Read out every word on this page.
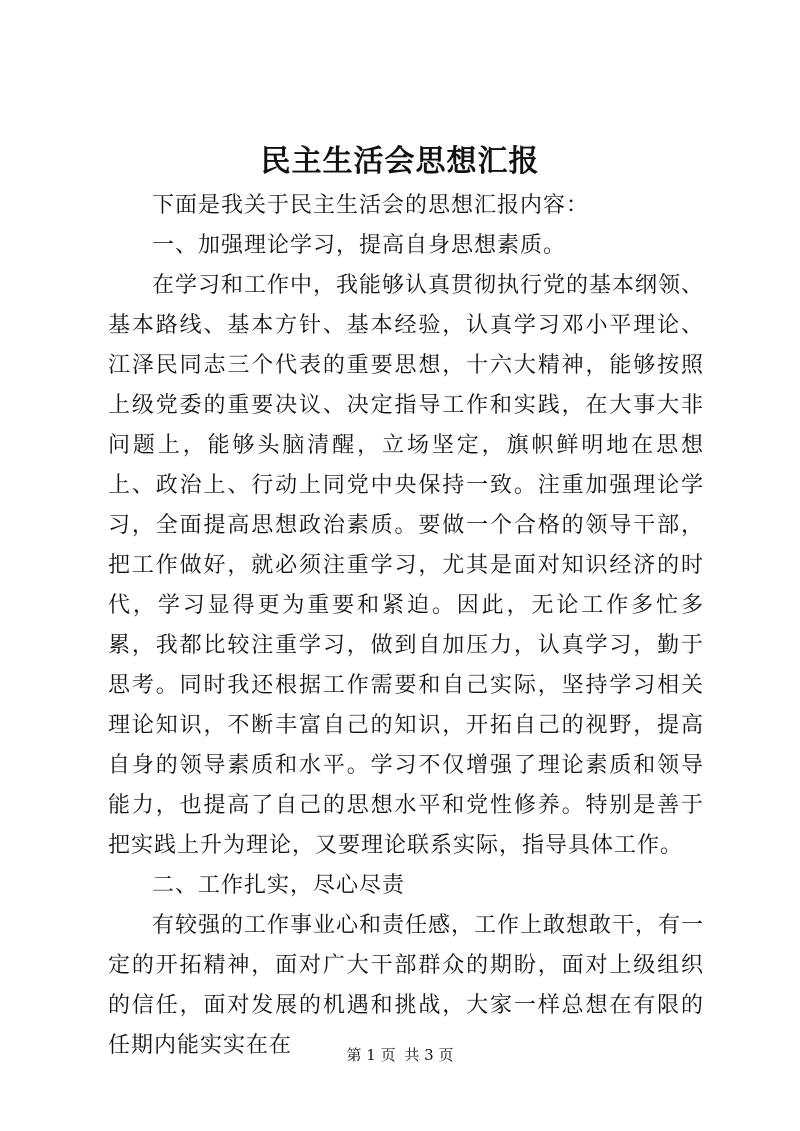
民主生活会思想汇报

下面是我关于民主生活会的思想汇报内容：

一、加强理论学习，提高自身思想素质。

在学习和工作中，我能够认真贯彻执行党的基本纲领、基本路线、基本方针、基本经验，认真学习邓小平理论、江泽民同志三个代表的重要思想，十六大精神，能够按照上级党委的重要决议、决定指导工作和实践，在大事大非问题上，能够头脑清醒，立场坚定，旗帜鲜明地在思想上、政治上、行动上同党中央保持一致。注重加强理论学习，全面提高思想政治素质。要做一个合格的领导干部，把工作做好，就必须注重学习，尤其是面对知识经济的时代，学习显得更为重要和紧迫。因此，无论工作多忙多累，我都比较注重学习，做到自加压力，认真学习，勤于思考。同时我还根据工作需要和自己实际，坚持学习相关理论知识，不断丰富自己的知识，开拓自己的视野，提高自身的领导素质和水平。学习不仅增强了理论素质和领导能力，也提高了自己的思想水平和党性修养。特别是善于把实践上升为理论，又要理论联系实际，指导具体工作。

二、工作扎实，尽心尽责

有较强的工作事业心和责任感，工作上敢想敢干，有一定的开拓精神，面对广大干部群众的期盼，面对上级组织的信任，面对发展的机遇和挑战，大家一样总想在有限的任期内能实实在在	第 1 页 共 3 页
